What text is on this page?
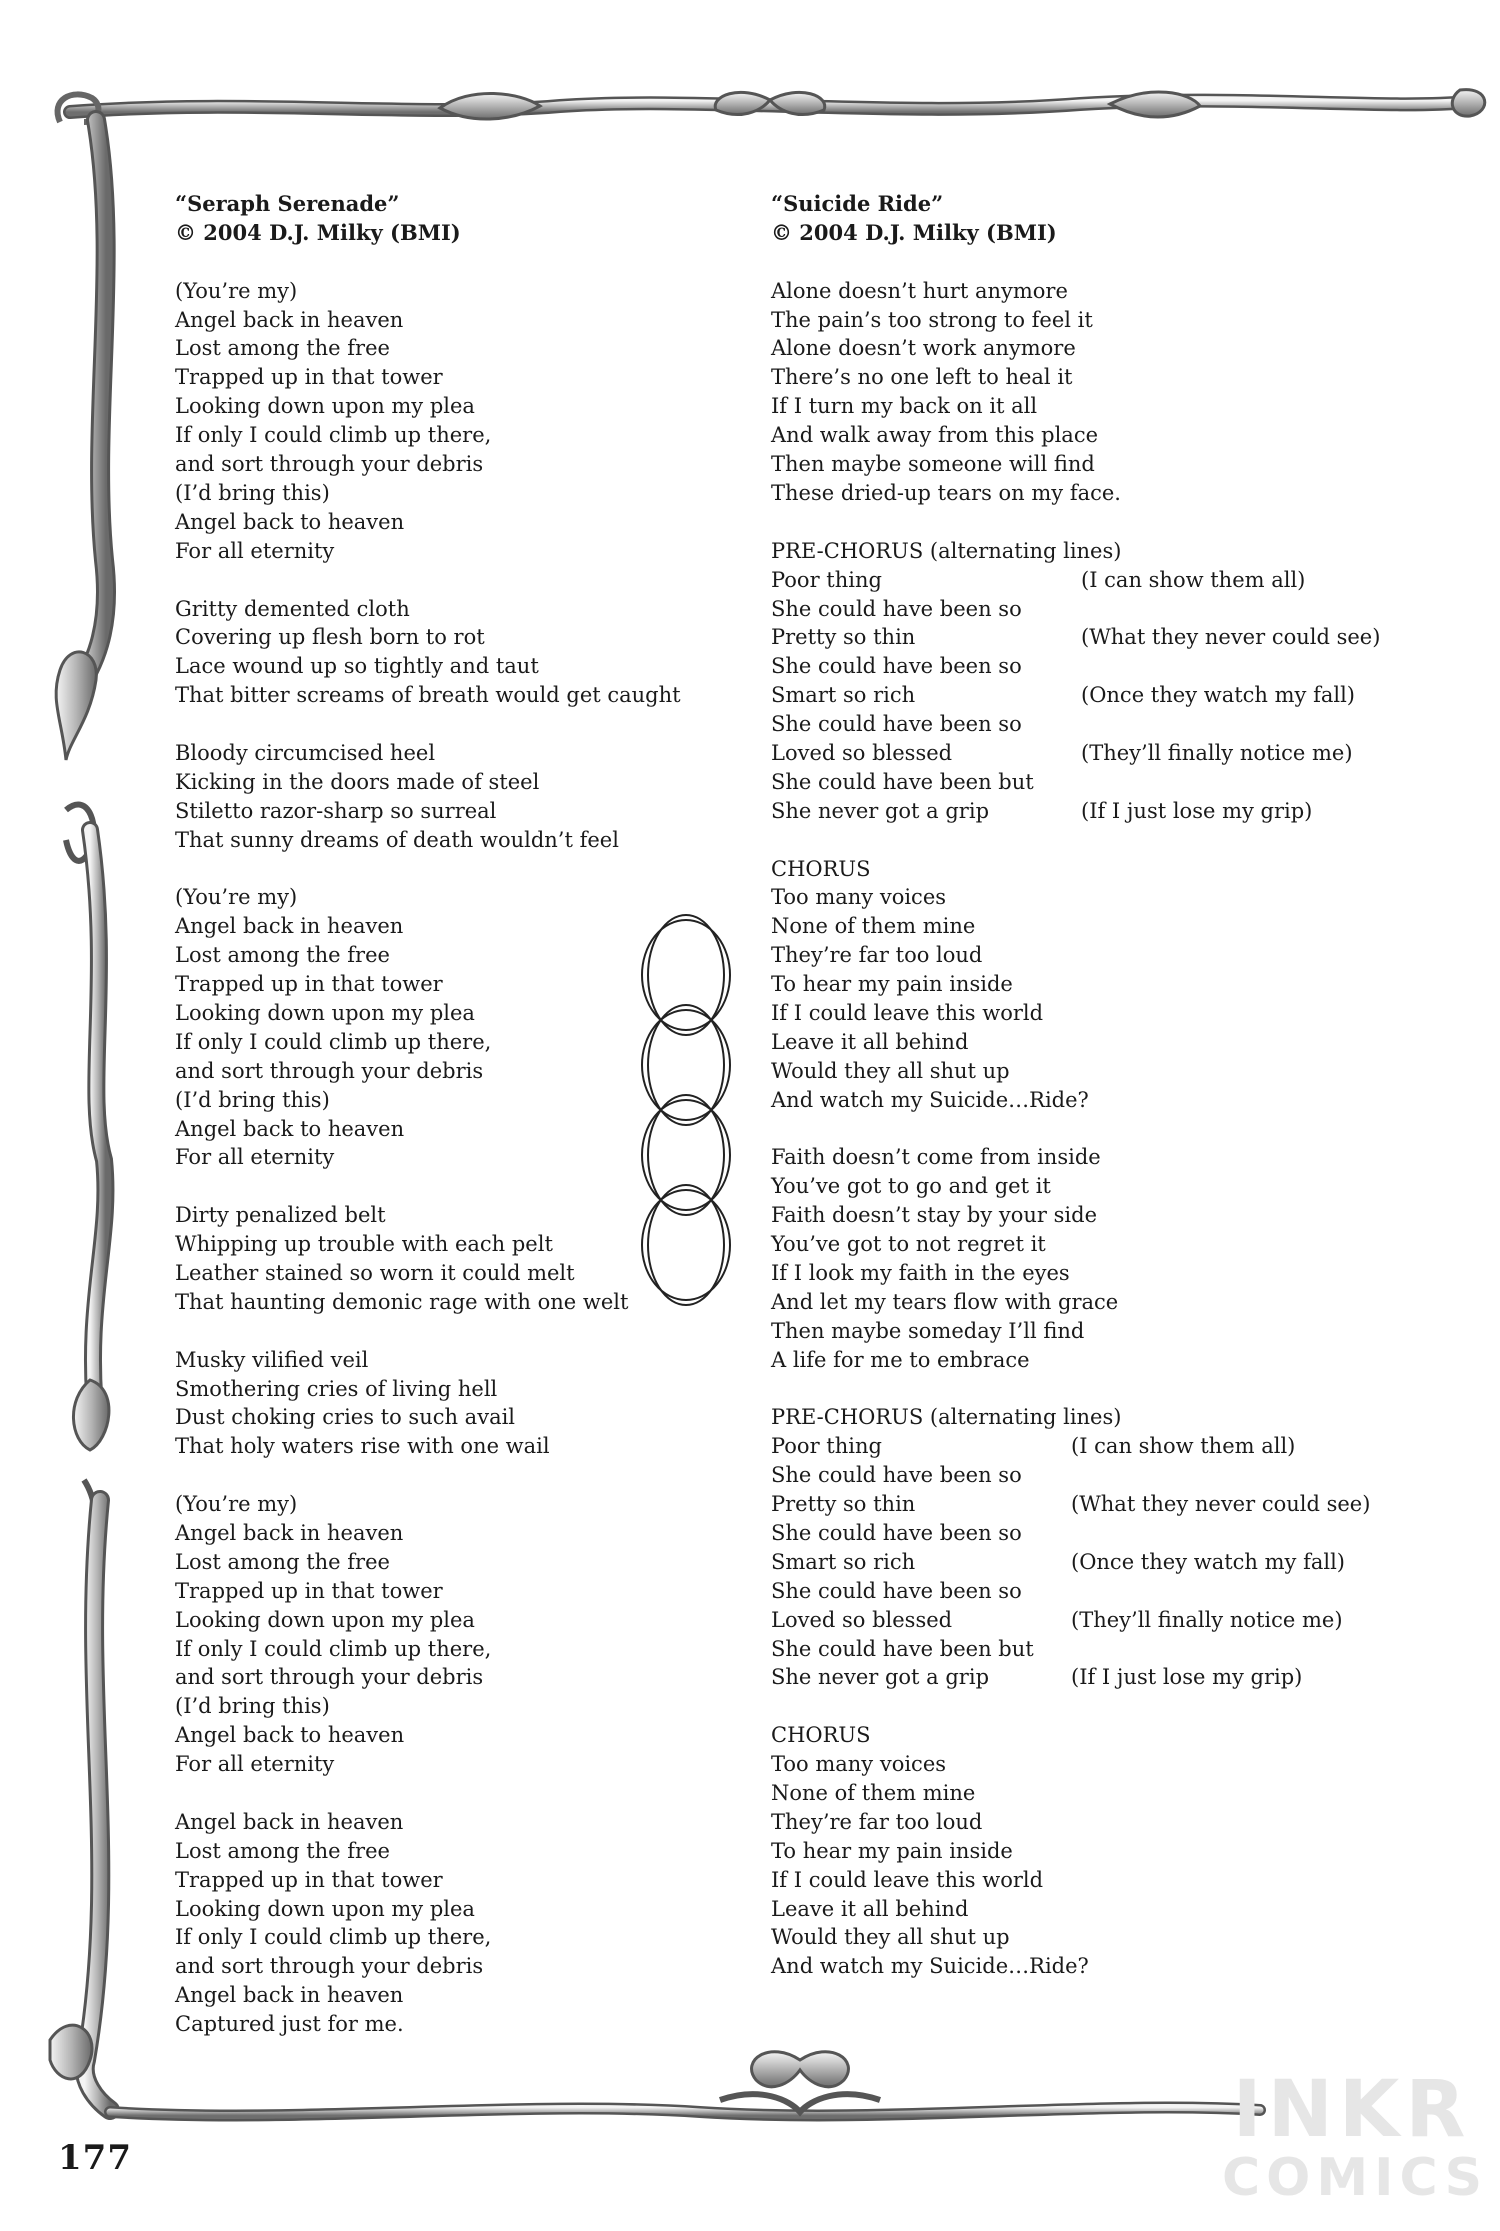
“Seraph Serenade”
© 2004 D.J. Milky (BMI)
(You’re my)
Angel back in heaven
Lost among the free
Trapped up in that tower
Looking down upon my plea
If only I could climb up there,
and sort through your debris
(I’d bring this)
Angel back to heaven
For all eternity
Gritty demented cloth
Covering up flesh born to rot
Lace wound up so tightly and taut
That bitter screams of breath would get caught
Bloody circumcised heel
Kicking in the doors made of steel
Stiletto razor-sharp so surreal
That sunny dreams of death wouldn’t feel
(You’re my)
Angel back in heaven
Lost among the free
Trapped up in that tower
Looking down upon my plea
If only I could climb up there,
and sort through your debris
(I’d bring this)
Angel back to heaven
For all eternity
Dirty penalized belt
Whipping up trouble with each pelt
Leather stained so worn it could melt
That haunting demonic rage with one welt
Musky vilified veil
Smothering cries of living hell
Dust choking cries to such avail
That holy waters rise with one wail
(You’re my)
Angel back in heaven
Lost among the free
Trapped up in that tower
Looking down upon my plea
If only I could climb up there,
and sort through your debris
(I’d bring this)
Angel back to heaven
For all eternity
Angel back in heaven
Lost among the free
Trapped up in that tower
Looking down upon my plea
If only I could climb up there,
and sort through your debris
Angel back in heaven
Captured just for me.
“Suicide Ride”
© 2004 D.J. Milky (BMI)
Alone doesn’t hurt anymore
The pain’s too strong to feel it
Alone doesn’t work anymore
There’s no one left to heal it
If I turn my back on it all
And walk away from this place
Then maybe someone will find
These dried-up tears on my face.
PRE-CHORUS (alternating lines)
Poor thing	(I can show them all)
She could have been so
Pretty so thin	(What they never could see)
She could have been so
Smart so rich	(Once they watch my fall)
She could have been so
Loved so blessed	(They’ll finally notice me)
She could have been but
She never got a grip	(If I just lose my grip)
CHORUS
Too many voices
None of them mine
They’re far too loud
To hear my pain inside
If I could leave this world
Leave it all behind
Would they all shut up
And watch my Suicide…Ride?
Faith doesn’t come from inside
You’ve got to go and get it
Faith doesn’t stay by your side
You’ve got to not regret it
If I look my faith in the eyes
And let my tears flow with grace
Then maybe someday I’ll find
A life for me to embrace
PRE-CHORUS (alternating lines)
Poor thing	(I can show them all)
She could have been so
Pretty so thin	(What they never could see)
She could have been so
Smart so rich	(Once they watch my fall)
She could have been so
Loved so blessed	(They’ll finally notice me)
She could have been but
She never got a grip	(If I just lose my grip)
CHORUS
Too many voices
None of them mine
They’re far too loud
To hear my pain inside
If I could leave this world
Leave it all behind
Would they all shut up
And watch my Suicide…Ride?
177
INKR
COMICS
